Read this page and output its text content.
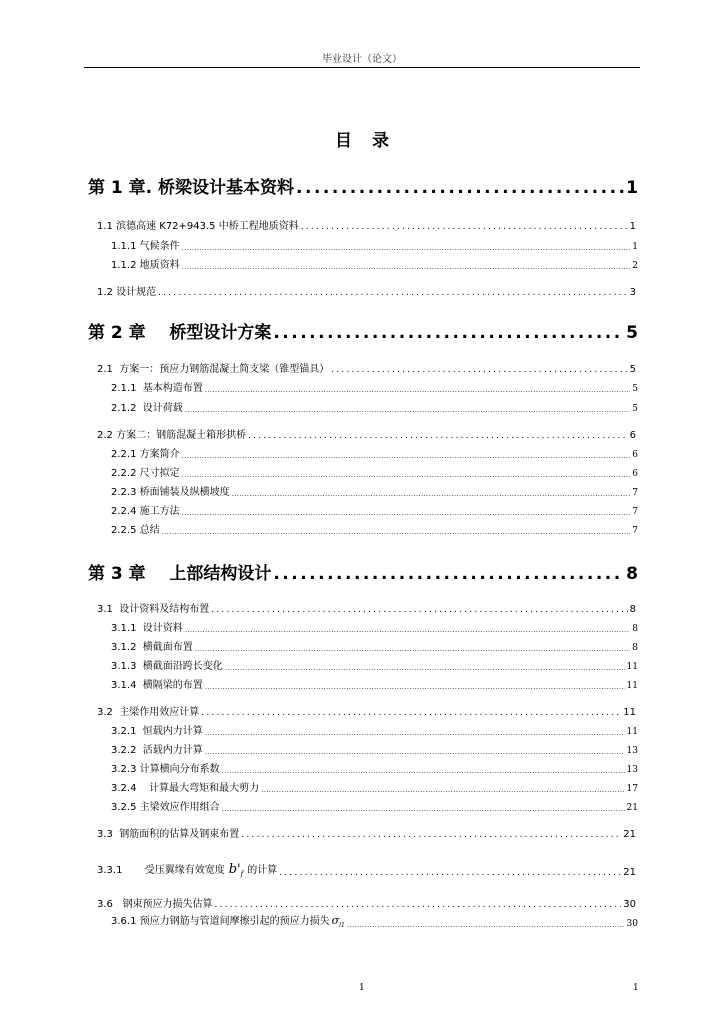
毕业设计（论文）
目录
第 1 章. 桥梁设计基本资料 .....	1
1.1 滨德高速 K72+943.5 中桥工程地质资料 .....	1
1.1.1 气候条件 .....	1
1.1.2 地质资料 .....	2
1.2 设计规范 .....	3
第 2 章    桥型设计方案 .....	5
2.1  方案一：预应力钢筋混凝土简支梁（锥型锚具） .....	5
2.1.1  基本构造布置 .....	5
2.1.2  设计荷载 .....	5
2.2 方案二：钢筋混凝土箱形拱桥 .....	6
2.2.1 方案简介 .....	6
2.2.2 尺寸拟定 .....	6
2.2.3 桥面铺装及纵横坡度 .....	7
2.2.4 施工方法 .....	7
2.2.5 总结 .....	7
第 3 章    上部结构设计 .....	8
3.1  设计资料及结构布置 .....	8
3.1.1  设计资料 .....	8
3.1.2  横截面布置 .....	8
3.1.3  横截面沿跨长变化 .....	11
3.1.4  横隔梁的布置 .....	11
3.2  主梁作用效应计算 .....	11
3.2.1  恒载内力计算 .....	11
3.2.2  活载内力计算 .....	13
3.2.3 计算横向分布系数 .....	13
3.2.4    计算最大弯矩和最大剪力 .....	17
3.2.5 主梁效应作用组合 .....	21
3.3  钢筋面积的估算及钢束布置 .....	21
3.3.1       受压翼缘有效宽度 $b'_f$ 的计算 .....	21
3.6   钢束预应力损失估算 .....	30
3.6.1 预应力钢筋与管道间摩擦引起的预应力损失 $\sigma_{l1}$ .....	30
1	1
